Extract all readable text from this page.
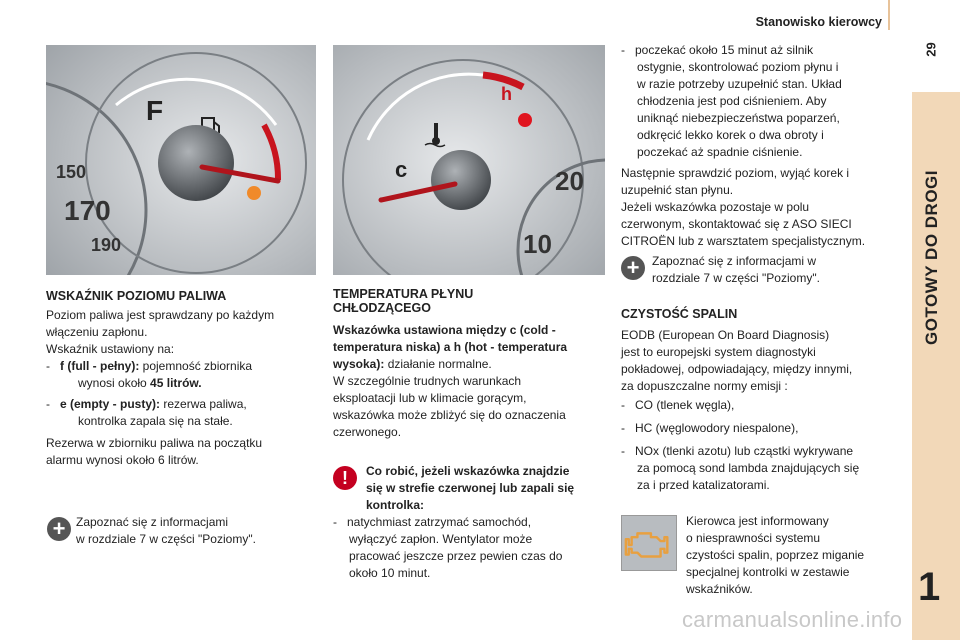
Stanowisko kierowcy
29
GOTOWY DO DROGI
1
F
150
170
190
h
c	20
10
WSKAŹNIK POZIOMU PALIWA
Poziom paliwa jest sprawdzany po każdym
włączeniu zapłonu.
Wskaźnik ustawiony na:
-   f (full - pełny): pojemność zbiornika
wynosi około 45 litrów.
-   e (empty - pusty): rezerwa paliwa,
kontrolka zapala się na stałe.
Rezerwa w zbiorniku paliwa na początku
alarmu wynosi około 6 litrów.
+ Zapoznać się z informacjami
w rozdziale 7 w części "Poziomy".
TEMPERATURA PŁYNU
CHŁODZĄCEGO
Wskazówka ustawiona między c (cold -
temperatura niska) a h (hot - temperatura
wysoka): działanie normalne.
W szczególnie trudnych warunkach
eksploatacji lub w klimacie gorącym,
wskazówka może zbliżyć się do oznaczenia
czerwonego.
!	Co robić, jeżeli wskazówka znajdzie
się w strefie czerwonej lub zapali się
kontrolka:
-   natychmiast zatrzymać samochód,
wyłączyć zapłon. Wentylator może
pracować jeszcze przez pewien czas do
około 10 minut.
-   poczekać około 15 minut aż silnik
ostygnie, skontrolować poziom płynu i
w razie potrzeby uzupełnić stan. Układ
chłodzenia jest pod ciśnieniem. Aby
uniknąć niebezpieczeństwa poparzeń,
odkręcić lekko korek o dwa obroty i
poczekać aż spadnie ciśnienie.
Następnie sprawdzić poziom, wyjąć korek i
uzupełnić stan płynu.
Jeżeli wskazówka pozostaje w polu
czerwonym, skontaktować się z ASO SIECI
CITROËN lub z warsztatem specjalistycznym.
+	Zapoznać się z informacjami w
rozdziale 7 w części "Poziomy".
CZYSTOŚĆ SPALIN
EODB (European On Board Diagnosis)
jest to europejski system diagnostyki
pokładowej, odpowiadający, między innymi,
za dopuszczalne normy emisji :
-   CO (tlenek węgla),
-   HC (węglowodory niespalone),
-   NOx (tlenki azotu) lub cząstki wykrywane
za pomocą sond lambda znajdujących się
za i przed katalizatorami.
Kierowca jest informowany
o niesprawności systemu
czystości spalin, poprzez miganie
specjalnej kontrolki w zestawie
wskaźników.
carmanualsonline.info
